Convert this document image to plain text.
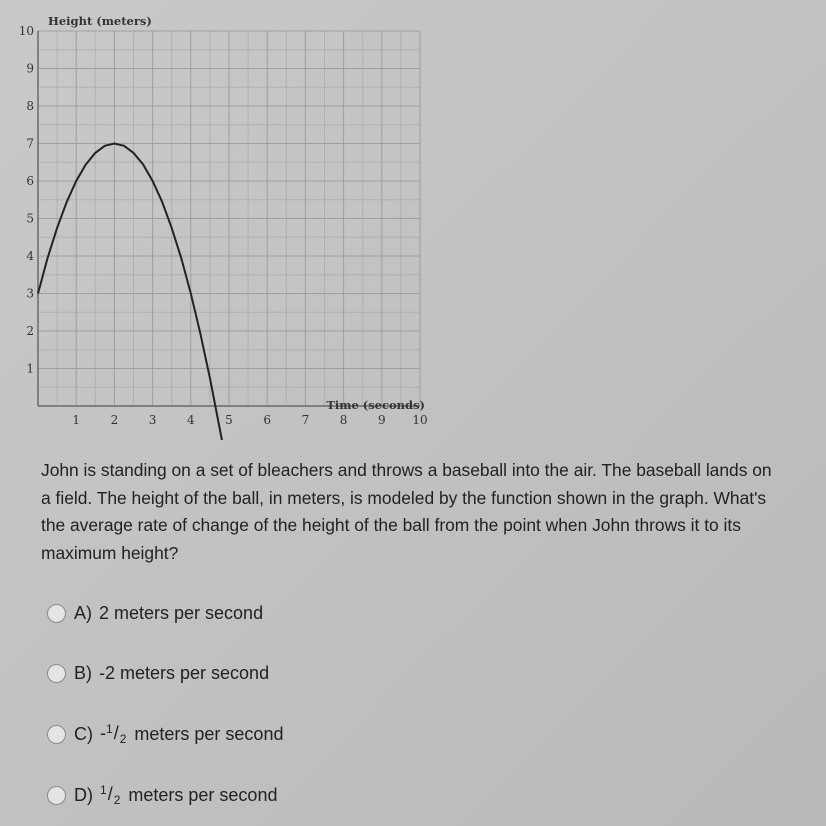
1
2
3
4
5
6
7
8
9
10
1	2	3	4	5	6	7	8	9 10
Height (meters)
Time (seconds)

John is standing on a set of bleachers and throws a baseball into the air. The baseball lands on a field. The height of the ball, in meters, is modeled by the function shown in the graph. What's the average rate of change of the height of the ball from the point when John throws it to its maximum height?

A) 2 meters per second
B) -2 meters per second
C) $-^1/_2$ meters per second
D) $^1/_2$ meters per second
